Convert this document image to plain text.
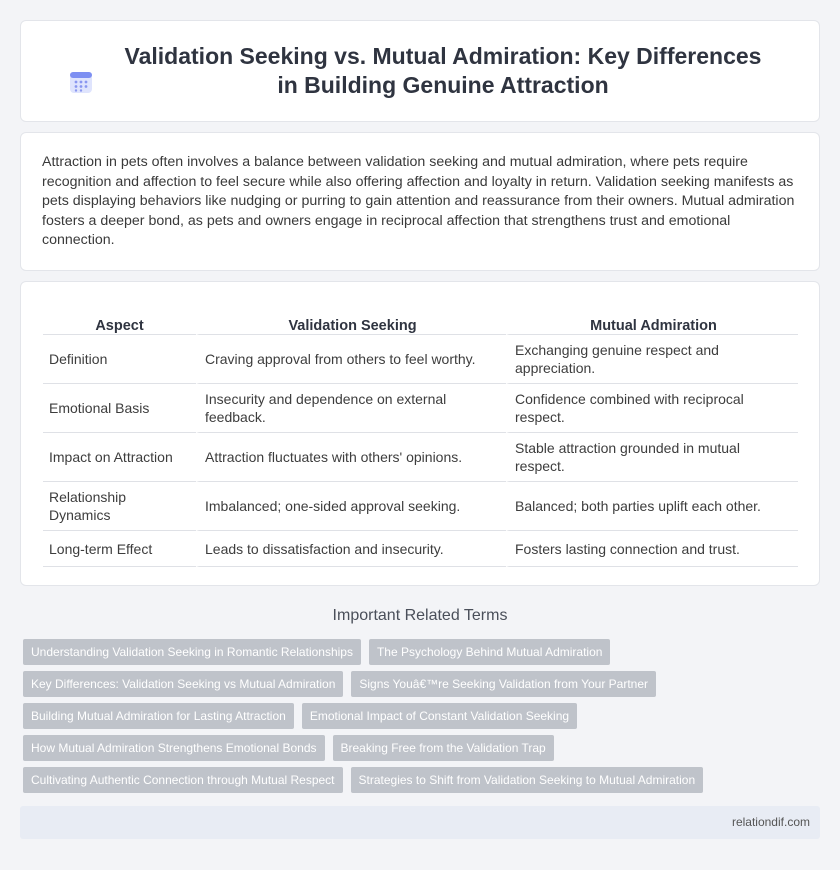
Validation Seeking vs. Mutual Admiration: Key Differences in Building Genuine Attraction

Attraction in pets often involves a balance between validation seeking and mutual admiration, where pets require recognition and affection to feel secure while also offering affection and loyalty in return. Validation seeking manifests as pets displaying behaviors like nudging or purring to gain attention and reassurance from their owners. Mutual admiration fosters a deeper bond, as pets and owners engage in reciprocal affection that strengthens trust and emotional connection.

Aspect	Validation Seeking	Mutual Admiration
Definition	Craving approval from others to feel worthy.	Exchanging genuine respect and appreciation.
Emotional Basis	Insecurity and dependence on external feedback.	Confidence combined with reciprocal respect.
Impact on Attraction	Attraction fluctuates with others' opinions.	Stable attraction grounded in mutual respect.
Relationship Dynamics	Imbalanced; one-sided approval seeking.	Balanced; both parties uplift each other.
Long-term Effect	Leads to dissatisfaction and insecurity.	Fosters lasting connection and trust.
Important Related Terms
Understanding Validation Seeking in Romantic Relationships	The Psychology Behind Mutual Admiration
Key Differences: Validation Seeking vs Mutual Admiration	Signs Youâ€™re Seeking Validation from Your Partner
Building Mutual Admiration for Lasting Attraction	Emotional Impact of Constant Validation Seeking
How Mutual Admiration Strengthens Emotional Bonds	Breaking Free from the Validation Trap
Cultivating Authentic Connection through Mutual Respect	Strategies to Shift from Validation Seeking to Mutual Admiration
relationdif.com
